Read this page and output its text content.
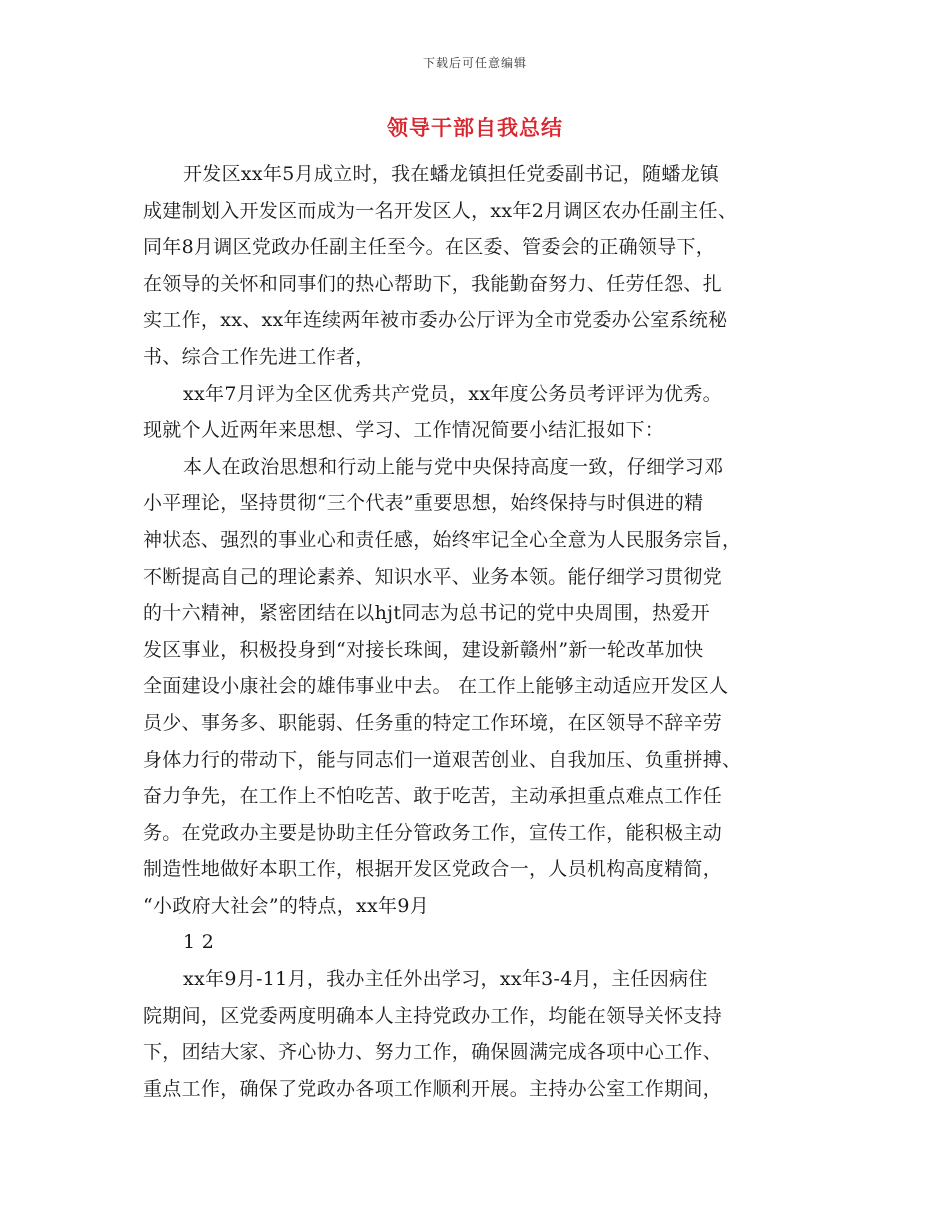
下载后可任意编辑
领导干部自我总结
开发区xx年5月成立时，我在蟠龙镇担任党委副书记，随蟠龙镇
成建制划入开发区而成为一名开发区人，xx年2月调区农办任副主任、
同年8月调区党政办任副主任至今。在区委、管委会的正确领导下，
在领导的关怀和同事们的热心帮助下，我能勤奋努力、任劳任怨、扎
实工作，xx、xx年连续两年被市委办公厅评为全市党委办公室系统秘
书、综合工作先进工作者，
xx年7月评为全区优秀共产党员，xx年度公务员考评评为优秀。
现就个人近两年来思想、学习、工作情况简要小结汇报如下：
本人在政治思想和行动上能与党中央保持高度一致，仔细学习邓
小平理论，坚持贯彻“三个代表”重要思想，始终保持与时俱进的精
神状态、强烈的事业心和责任感，始终牢记全心全意为人民服务宗旨，
不断提高自己的理论素养、知识水平、业务本领。能仔细学习贯彻党
的十六精神，紧密团结在以hjt同志为总书记的党中央周围，热爱开
发区事业，积极投身到“对接长珠闽，建设新赣州”新一轮改革加快
全面建设小康社会的雄伟事业中去。 在工作上能够主动适应开发区人
员少、事务多、职能弱、任务重的特定工作环境，在区领导不辞辛劳
身体力行的带动下，能与同志们一道艰苦创业、自我加压、负重拼搏、
奋力争先，在工作上不怕吃苦、敢于吃苦，主动承担重点难点工作任
务。在党政办主要是协助主任分管政务工作，宣传工作，能积极主动
制造性地做好本职工作，根据开发区党政合一，人员机构高度精简，
“小政府大社会”的特点，xx年9月
1 2
xx年9月-11月，我办主任外出学习，xx年3-4月，主任因病住
院期间，区党委两度明确本人主持党政办工作，均能在领导关怀支持
下，团结大家、齐心协力、努力工作，确保圆满完成各项中心工作、
重点工作，确保了党政办各项工作顺利开展。主持办公室工作期间，
